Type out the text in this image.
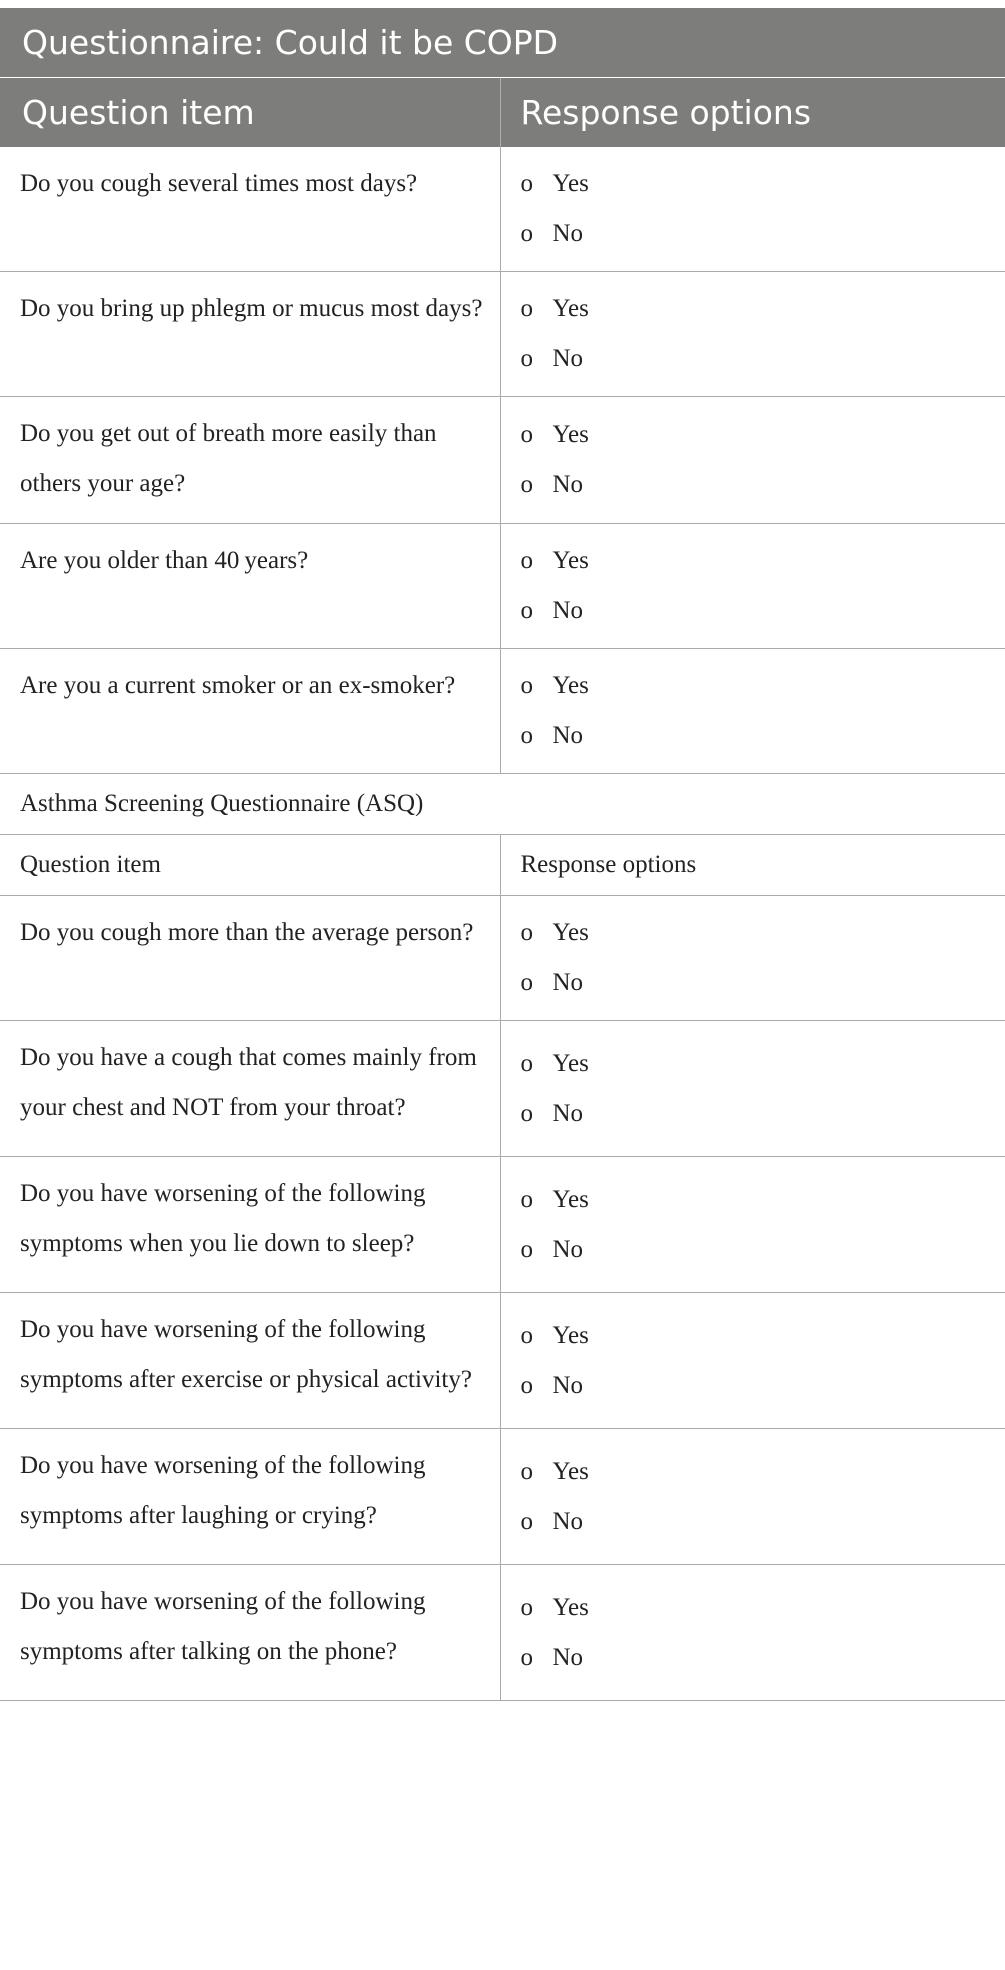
Questionnaire: Could it be COPD	
Question item	Response options
Do you cough several times most days?	o Yes
o No

Do you bring up phlegm or mucus most days?	o Yes
o No

Do you get out of breath more easily than others your age?	o Yes
o No

Are you older than 40 years?	o Yes
o No

Are you a current smoker or an ex-smoker?	o Yes
o No

Asthma Screening Questionnaire (ASQ)	
Question item	Response options
Do you cough more than the average person?	o Yes
o No

Do you have a cough that comes mainly from your chest and NOT from your throat?	o Yes
o No

Do you have worsening of the following symptoms when you lie down to sleep?	o Yes
o No

Do you have worsening of the following symptoms after exercise or physical activity?	o Yes
o No

Do you have worsening of the following symptoms after laughing or crying?	o Yes
o No

Do you have worsening of the following symptoms after talking on the phone?	o Yes
o No
